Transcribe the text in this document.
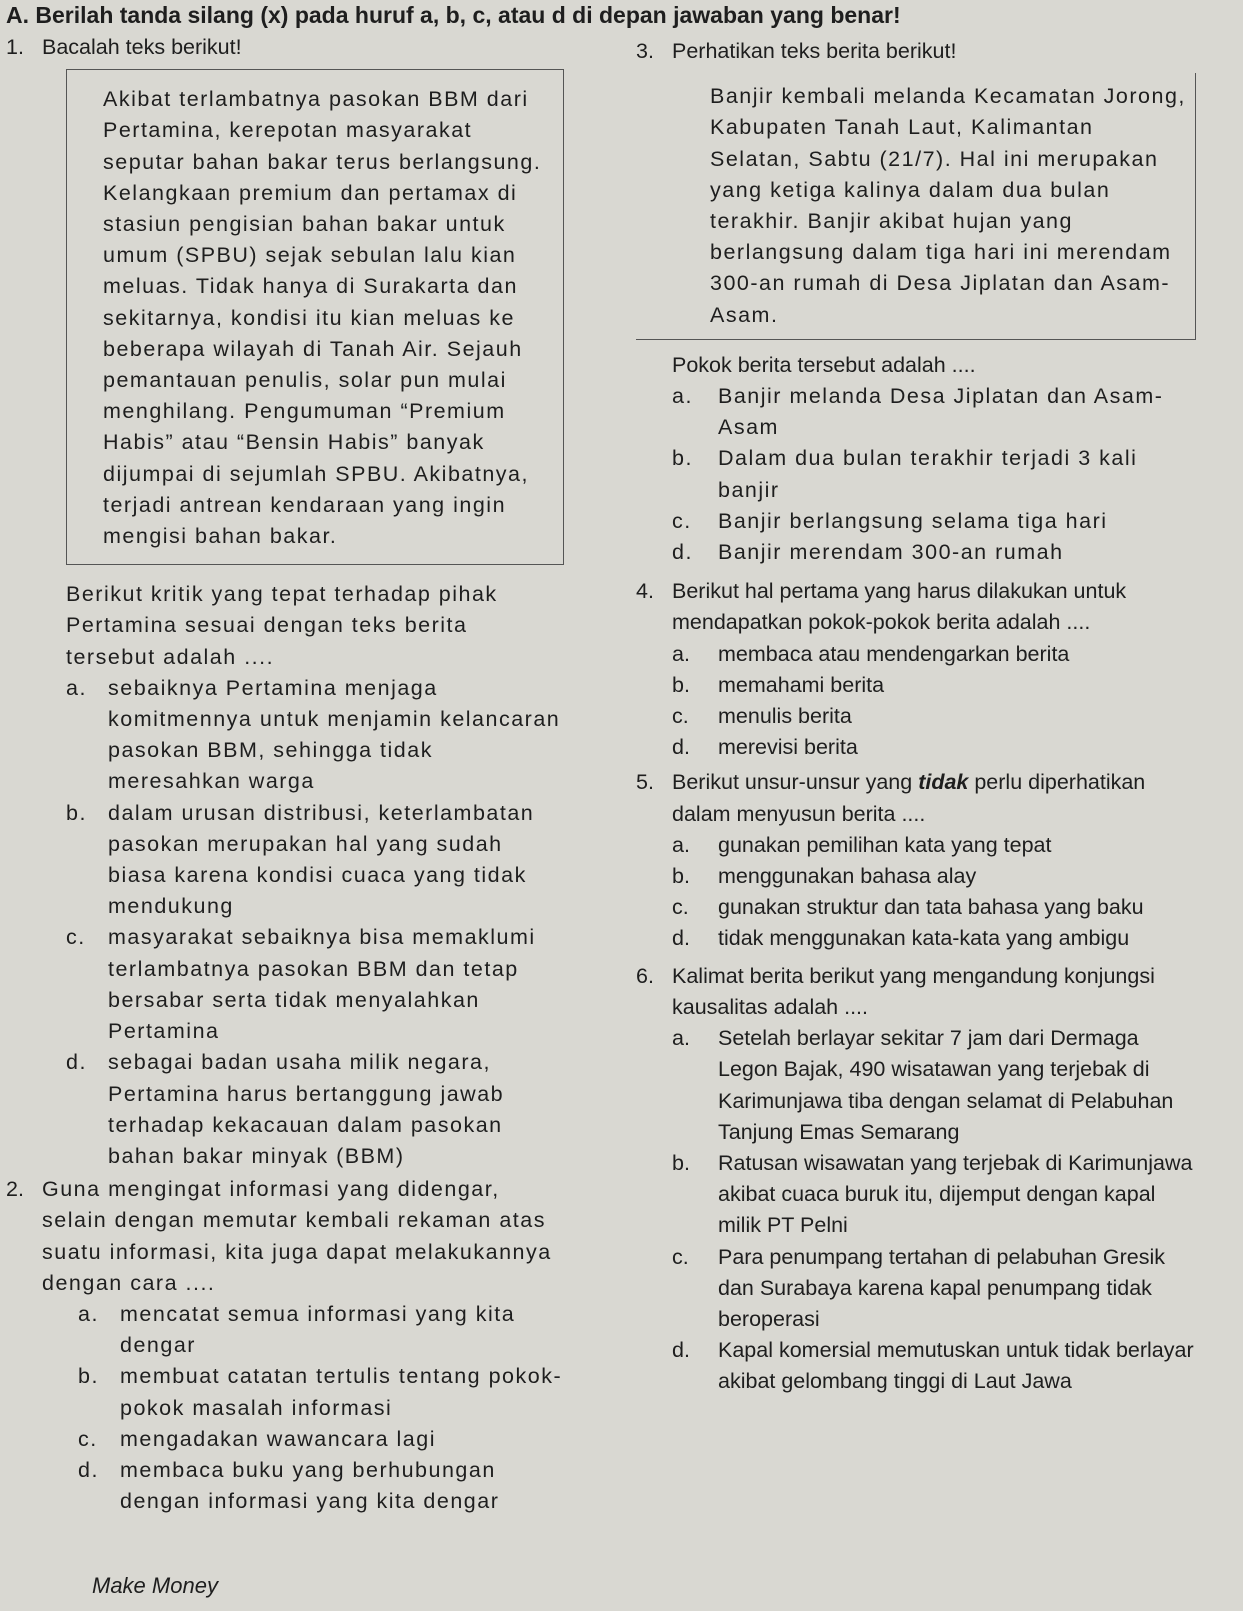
A. Berilah tanda silang (x) pada huruf a, b, c, atau d di depan jawaban yang benar!
1. Bacalah teks berikut!
Akibat terlambatnya pasokan BBM dari Pertamina, kerepotan masyarakat seputar bahan bakar terus berlangsung. Kelangkaan premium dan pertamax di stasiun pengisian bahan bakar untuk umum (SPBU) sejak sebulan lalu kian meluas. Tidak hanya di Surakarta dan sekitarnya, kondisi itu kian meluas ke beberapa wilayah di Tanah Air. Sejauh pemantauan penulis, solar pun mulai menghilang. Pengumuman “Premium Habis” atau “Bensin Habis” banyak dijumpai di sejumlah SPBU. Akibatnya, terjadi antrean kendaraan yang ingin mengisi bahan bakar.
Berikut kritik yang tepat terhadap pihak Pertamina sesuai dengan teks berita tersebut adalah ....
a. sebaiknya Pertamina menjaga komitmennya untuk menjamin kelancaran pasokan BBM, sehingga tidak meresahkan warga
b. dalam urusan distribusi, keterlambatan pasokan merupakan hal yang sudah biasa karena kondisi cuaca yang tidak mendukung
c. masyarakat sebaiknya bisa memaklumi terlambatnya pasokan BBM dan tetap bersabar serta tidak menyalahkan Pertamina
d. sebagai badan usaha milik negara, Pertamina harus bertanggung jawab terhadap kekacauan dalam pasokan bahan bakar minyak (BBM)
2. Guna mengingat informasi yang didengar, selain dengan memutar kembali rekaman atas suatu informasi, kita juga dapat melakukannya dengan cara ....
a. mencatat semua informasi yang kita dengar
b. membuat catatan tertulis tentang pokok-pokok masalah informasi
c. mengadakan wawancara lagi
d. membaca buku yang berhubungan dengan informasi yang kita dengar
3. Perhatikan teks berita berikut!
Banjir kembali melanda Kecamatan Jorong, Kabupaten Tanah Laut, Kalimantan Selatan, Sabtu (21/7). Hal ini merupakan yang ketiga kalinya dalam dua bulan terakhir. Banjir akibat hujan yang berlangsung dalam tiga hari ini merendam 300-an rumah di Desa Jiplatan dan Asam-Asam.
Pokok berita tersebut adalah ....
a. Banjir melanda Desa Jiplatan dan Asam-Asam
b. Dalam dua bulan terakhir terjadi 3 kali banjir
c. Banjir berlangsung selama tiga hari
d. Banjir merendam 300-an rumah
4. Berikut hal pertama yang harus dilakukan untuk mendapatkan pokok-pokok berita adalah ....
a. membaca atau mendengarkan berita
b. memahami berita
c. menulis berita
d. merevisi berita
5. Berikut unsur-unsur yang tidak perlu diperhatikan dalam menyusun berita ....
a. gunakan pemilihan kata yang tepat
b. menggunakan bahasa alay
c. gunakan struktur dan tata bahasa yang baku
d. tidak menggunakan kata-kata yang ambigu
6. Kalimat berita berikut yang mengandung konjungsi kausalitas adalah ....
a. Setelah berlayar sekitar 7 jam dari Dermaga Legon Bajak, 490 wisatawan yang terjebak di Karimunjawa tiba dengan selamat di Pelabuhan Tanjung Emas Semarang
b. Ratusan wisawatan yang terjebak di Karimunjawa akibat cuaca buruk itu, dijemput dengan kapal milik PT Pelni
c. Para penumpang tertahan di pelabuhan Gresik dan Surabaya karena kapal penumpang tidak beroperasi
d. Kapal komersial memutuskan untuk tidak berlayar akibat gelombang tinggi di Laut Jawa
Make Money
